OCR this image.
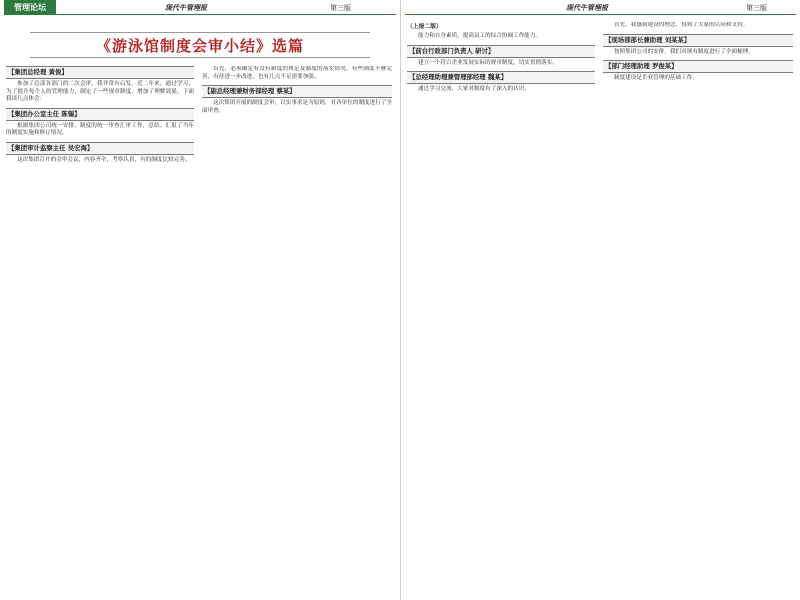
管理论坛	现代牛管理报	第三版
《游泳馆制度会审小结》选篇
【集团总经理 黄俊】
参加了总部各部门的二次会审，我非常有启发。近二年来，通过学习，为了提升每个人的管理能力，制定了一些规章制度，增加了理解效果，下面我谈几点体会：
【集团办公室主任 陈锡】
根据集团公司统一安排，制度的统一审查汇审工作，总结、汇报了当年的制度实施和修订情况。
【集团审计监察主任 吴宏海】
这次集团召开的会审会议，内容齐全，考察认真，有的制度比较完善。
首先，必须确定有没有制度的规定及制度的落实情况，有些制度不够完善，有待进一步改进，也有几点不足需要加强。
【副总经理兼财务部经理 蔡某】
这次集团开展的制度会审，以实事求是为原则，对各单位的制度进行了全面审查。
现代牛管理报	第三版
（上接二版）
能力和自身素质，提高员工的综合协调工作能力。
【前台行政部门负责人 研讨】
建立一个符合企业发展实际的规章制度，切实贯彻落实。
【总经理助理兼管理部经理 魏某】
通过学习交流，大家对制度有了深入的认识。
首先，我感到建设的理念，得到了大家的认同和支持。
【现场部部长兼助理 刘某某】
按照集团公司的安排，我们对现有制度进行了全面梳理。
【部门经理助理 罗俊某】
制度建设是企业管理的基础工作。
